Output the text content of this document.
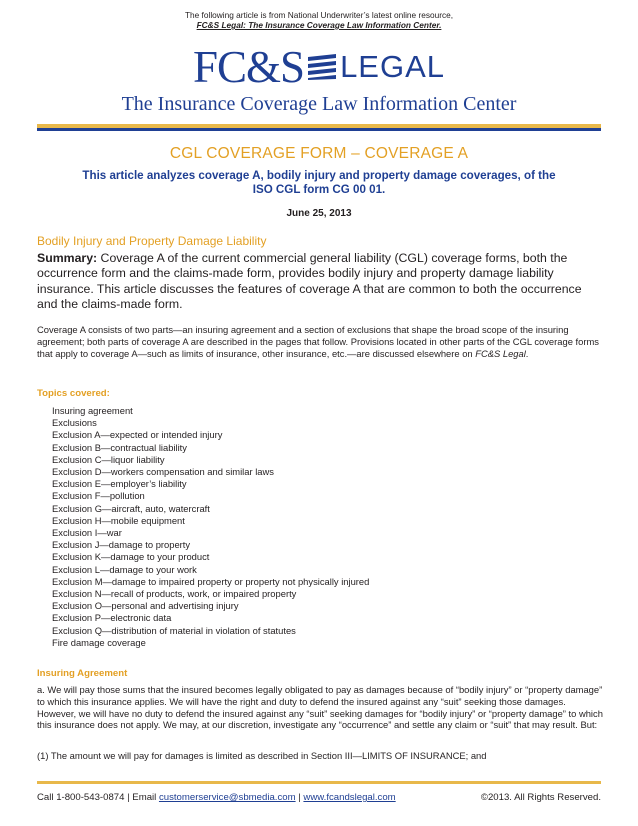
The following article is from National Underwriter’s latest online resource,
FC&S Legal: The Insurance Coverage Law Information Center.
FC&S LEGAL
The Insurance Coverage Law Information Center
CGL COVERAGE FORM – COVERAGE A
This article analyzes coverage A, bodily injury and property damage coverages, of the ISO CGL form CG 00 01.
June 25, 2013
Bodily Injury and Property Damage Liability
Summary: Coverage A of the current commercial general liability (CGL) coverage forms, both the occurrence form and the claims-made form, provides bodily injury and property damage liability insurance. This article discusses the features of coverage A that are common to both the occurrence and the claims-made form.
Coverage A consists of two parts—an insuring agreement and a section of exclusions that shape the broad scope of the insuring agreement; both parts of coverage A are described in the pages that follow. Provisions located in other parts of the CGL coverage forms that apply to coverage A—such as limits of insurance, other insurance, etc.—are discussed elsewhere on FC&S Legal.
Topics covered:
Insuring agreement
Exclusions
Exclusion A—expected or intended injury
Exclusion B—contractual liability
Exclusion C—liquor liability
Exclusion D—workers compensation and similar laws
Exclusion E—employer’s liability
Exclusion F—pollution
Exclusion G—aircraft, auto, watercraft
Exclusion H—mobile equipment
Exclusion I—war
Exclusion J—damage to property
Exclusion K—damage to your product
Exclusion L—damage to your work
Exclusion M—damage to impaired property or property not physically injured
Exclusion N—recall of products, work, or impaired property
Exclusion O—personal and advertising injury
Exclusion P—electronic data
Exclusion Q—distribution of material in violation of statutes
Fire damage coverage
Insuring Agreement
a. We will pay those sums that the insured becomes legally obligated to pay as damages because of “bodily injury” or “property damage” to which this insurance applies. We will have the right and duty to defend the insured against any “suit” seeking those damages. However, we will have no duty to defend the insured against any “suit” seeking damages for “bodily injury” or “property damage” to which this insurance does not apply. We may, at our discretion, investigate any “occurrence” and settle any claim or “suit” that may result. But:
(1) The amount we will pay for damages is limited as described in Section III—LIMITS OF INSURANCE; and
Call 1-800-543-0874 | Email customerservice@sbmedia.com | www.fcandslegal.com	©2013. All Rights Reserved.
